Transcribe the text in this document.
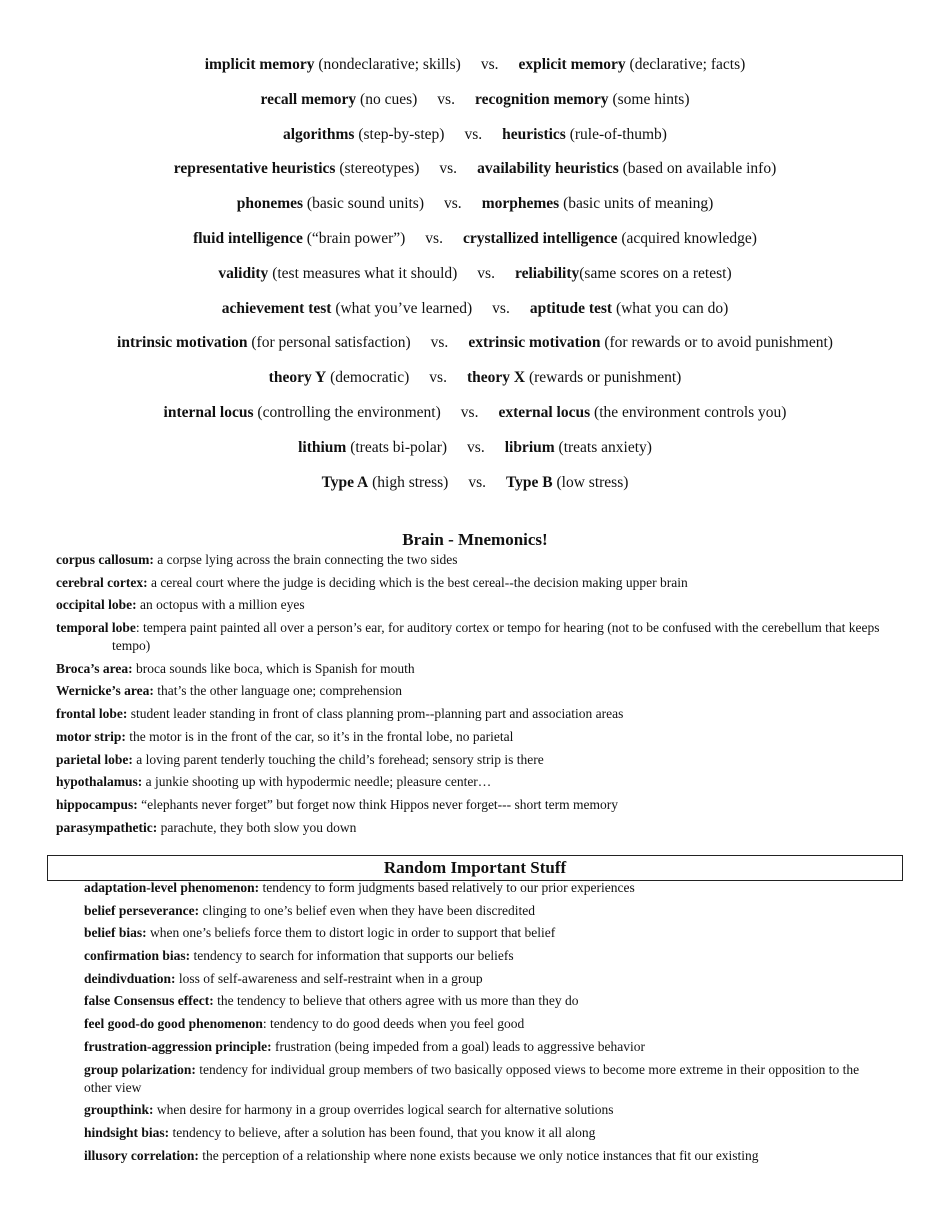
implicit memory (nondeclarative; skills) vs. explicit memory (declarative; facts)
recall memory (no cues) vs. recognition memory (some hints)
algorithms (step-by-step) vs. heuristics (rule-of-thumb)
representative heuristics (stereotypes) vs. availability heuristics (based on available info)
phonemes (basic sound units) vs. morphemes (basic units of meaning)
fluid intelligence (“brain power”) vs. crystallized intelligence (acquired knowledge)
validity (test measures what it should) vs. reliability(same scores on a retest)
achievement test (what you’ve learned) vs. aptitude test (what you can do)
intrinsic motivation (for personal satisfaction) vs. extrinsic motivation (for rewards or to avoid punishment)
theory Y (democratic) vs. theory X (rewards or punishment)
internal locus (controlling the environment) vs. external locus (the environment controls you)
lithium (treats bi-polar) vs. librium (treats anxiety)
Type A (high stress) vs. Type B (low stress)
Brain - Mnemonics!
corpus callosum: a corpse lying across the brain connecting the two sides
cerebral cortex: a cereal court where the judge is deciding which is the best cereal--the decision making upper brain
occipital lobe: an octopus with a million eyes
temporal lobe: tempera paint painted all over a person’s ear, for auditory cortex or tempo for hearing (not to be confused with the cerebellum that keeps tempo)
Broca’s area: broca sounds like boca, which is Spanish for mouth
Wernicke’s area: that’s the other language one; comprehension
frontal lobe: student leader standing in front of class planning prom--planning part and association areas
motor strip: the motor is in the front of the car, so it’s in the frontal lobe, no parietal
parietal lobe: a loving parent tenderly touching the child’s forehead; sensory strip is there
hypothalamus: a junkie shooting up with hypodermic needle; pleasure center…
hippocampus: “elephants never forget” but forget now think Hippos never forget--- short term memory
parasympathetic: parachute, they both slow you down
Random Important Stuff
adaptation-level phenomenon: tendency to form judgments based relatively to our prior experiences
belief perseverance: clinging to one’s belief even when they have been discredited
belief bias: when one’s beliefs force them to distort logic in order to support that belief
confirmation bias: tendency to search for information that supports our beliefs
deindivduation: loss of self-awareness and self-restraint when in a group
false Consensus effect: the tendency to believe that others agree with us more than they do
feel good-do good phenomenon: tendency to do good deeds when you feel good
frustration-aggression principle: frustration (being impeded from a goal) leads to aggressive behavior
group polarization: tendency for individual group members of two basically opposed views to become more extreme in their opposition to the other view
groupthink: when desire for harmony in a group overrides logical search for alternative solutions
hindsight bias: tendency to believe, after a solution has been found, that you know it all along
illusory correlation: the perception of a relationship where none exists because we only notice instances that fit our existing
